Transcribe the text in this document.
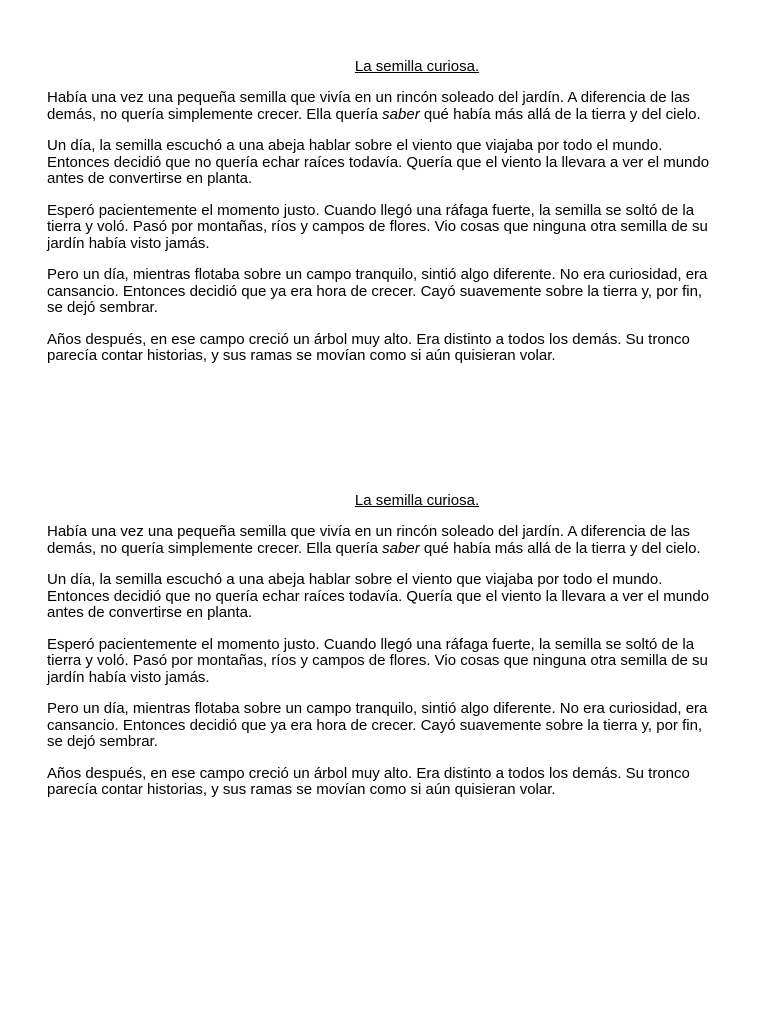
La semilla curiosa.

Había una vez una pequeña semilla que vivía en un rincón soleado del jardín. A diferencia de las demás, no quería simplemente crecer. Ella quería saber qué había más allá de la tierra y del cielo.

Un día, la semilla escuchó a una abeja hablar sobre el viento que viajaba por todo el mundo. Entonces decidió que no quería echar raíces todavía. Quería que el viento la llevara a ver el mundo antes de convertirse en planta.

Esperó pacientemente el momento justo. Cuando llegó una ráfaga fuerte, la semilla se soltó de la tierra y voló. Pasó por montañas, ríos y campos de flores. Vio cosas que ninguna otra semilla de su jardín había visto jamás.

Pero un día, mientras flotaba sobre un campo tranquilo, sintió algo diferente. No era curiosidad, era cansancio. Entonces decidió que ya era hora de crecer. Cayó suavemente sobre la tierra y, por fin, se dejó sembrar.

Años después, en ese campo creció un árbol muy alto. Era distinto a todos los demás. Su tronco parecía contar historias, y sus ramas se movían como si aún quisieran volar.

La semilla curiosa.

Había una vez una pequeña semilla que vivía en un rincón soleado del jardín. A diferencia de las demás, no quería simplemente crecer. Ella quería saber qué había más allá de la tierra y del cielo.

Un día, la semilla escuchó a una abeja hablar sobre el viento que viajaba por todo el mundo. Entonces decidió que no quería echar raíces todavía. Quería que el viento la llevara a ver el mundo antes de convertirse en planta.

Esperó pacientemente el momento justo. Cuando llegó una ráfaga fuerte, la semilla se soltó de la tierra y voló. Pasó por montañas, ríos y campos de flores. Vio cosas que ninguna otra semilla de su jardín había visto jamás.

Pero un día, mientras flotaba sobre un campo tranquilo, sintió algo diferente. No era curiosidad, era cansancio. Entonces decidió que ya era hora de crecer. Cayó suavemente sobre la tierra y, por fin, se dejó sembrar.

Años después, en ese campo creció un árbol muy alto. Era distinto a todos los demás. Su tronco parecía contar historias, y sus ramas se movían como si aún quisieran volar.
